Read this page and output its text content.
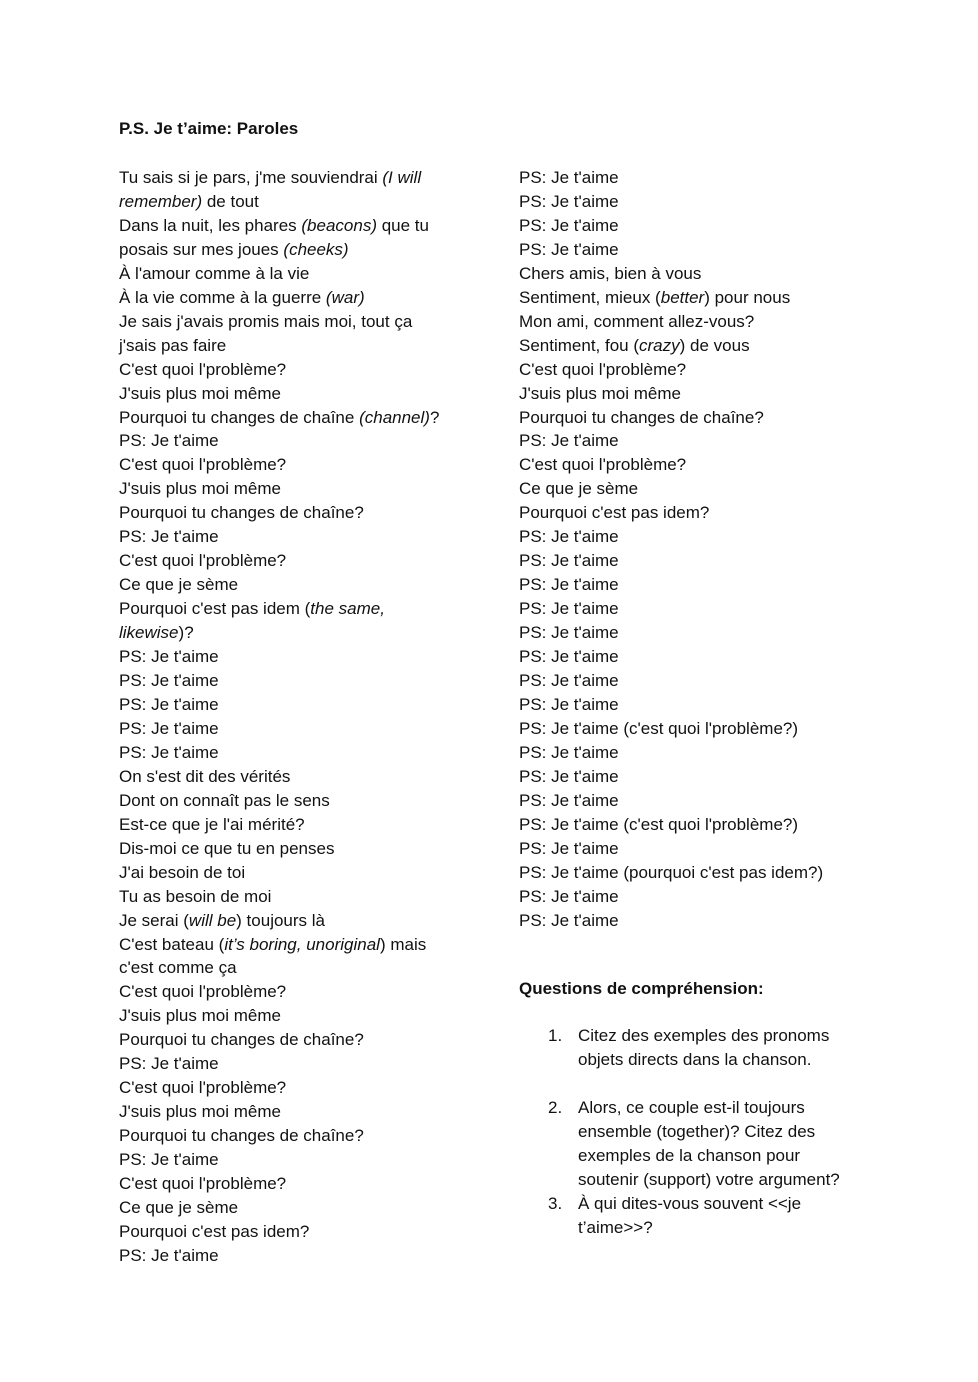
P.S. Je t’aime: Paroles
Tu sais si je pars, j'me souviendrai (I will
remember) de tout
Dans la nuit, les phares (beacons) que tu
posais sur mes joues (cheeks)
À l'amour comme à la vie
À la vie comme à la guerre (war)
Je sais j'avais promis mais moi, tout ça
j'sais pas faire
C'est quoi l'problème?
J'suis plus moi même
Pourquoi tu changes de chaîne (channel)?
PS: Je t'aime
C'est quoi l'problème?
J'suis plus moi même
Pourquoi tu changes de chaîne?
PS: Je t'aime
C'est quoi l'problème?
Ce que je sème
Pourquoi c'est pas idem (the same,
likewise)?
PS: Je t'aime
PS: Je t'aime
PS: Je t'aime
PS: Je t'aime
PS: Je t'aime
On s'est dit des vérités
Dont on connaît pas le sens
Est-ce que je l'ai mérité?
Dis-moi ce que tu en penses
J'ai besoin de toi
Tu as besoin de moi
Je serai (will be) toujours là
C'est bateau (it’s boring, unoriginal) mais
c'est comme ça
C'est quoi l'problème?
J'suis plus moi même
Pourquoi tu changes de chaîne?
PS: Je t'aime
C'est quoi l'problème?
J'suis plus moi même
Pourquoi tu changes de chaîne?
PS: Je t'aime
C'est quoi l'problème?
Ce que je sème
Pourquoi c'est pas idem?
PS: Je t'aime
PS: Je t'aime
PS: Je t'aime
PS: Je t'aime
PS: Je t'aime
Chers amis, bien à vous
Sentiment, mieux (better) pour nous
Mon ami, comment allez-vous?
Sentiment, fou (crazy) de vous
C'est quoi l'problème?
J'suis plus moi même
Pourquoi tu changes de chaîne?
PS: Je t'aime
C'est quoi l'problème?
Ce que je sème
Pourquoi c'est pas idem?
PS: Je t'aime
PS: Je t'aime
PS: Je t'aime
PS: Je t'aime
PS: Je t'aime
PS: Je t'aime
PS: Je t'aime
PS: Je t'aime
PS: Je t'aime (c'est quoi l'problème?)
PS: Je t'aime
PS: Je t'aime
PS: Je t'aime
PS: Je t'aime (c'est quoi l'problème?)
PS: Je t'aime
PS: Je t'aime (pourquoi c'est pas idem?)
PS: Je t'aime
PS: Je t'aime
Questions de compréhension:
1. Citez des exemples des pronoms
objets directs dans la chanson.
2. Alors, ce couple est-il toujours
ensemble (together)? Citez des
exemples de la chanson pour
soutenir (support) votre argument?
3. À qui dites-vous souvent <<je
t’aime>>?
